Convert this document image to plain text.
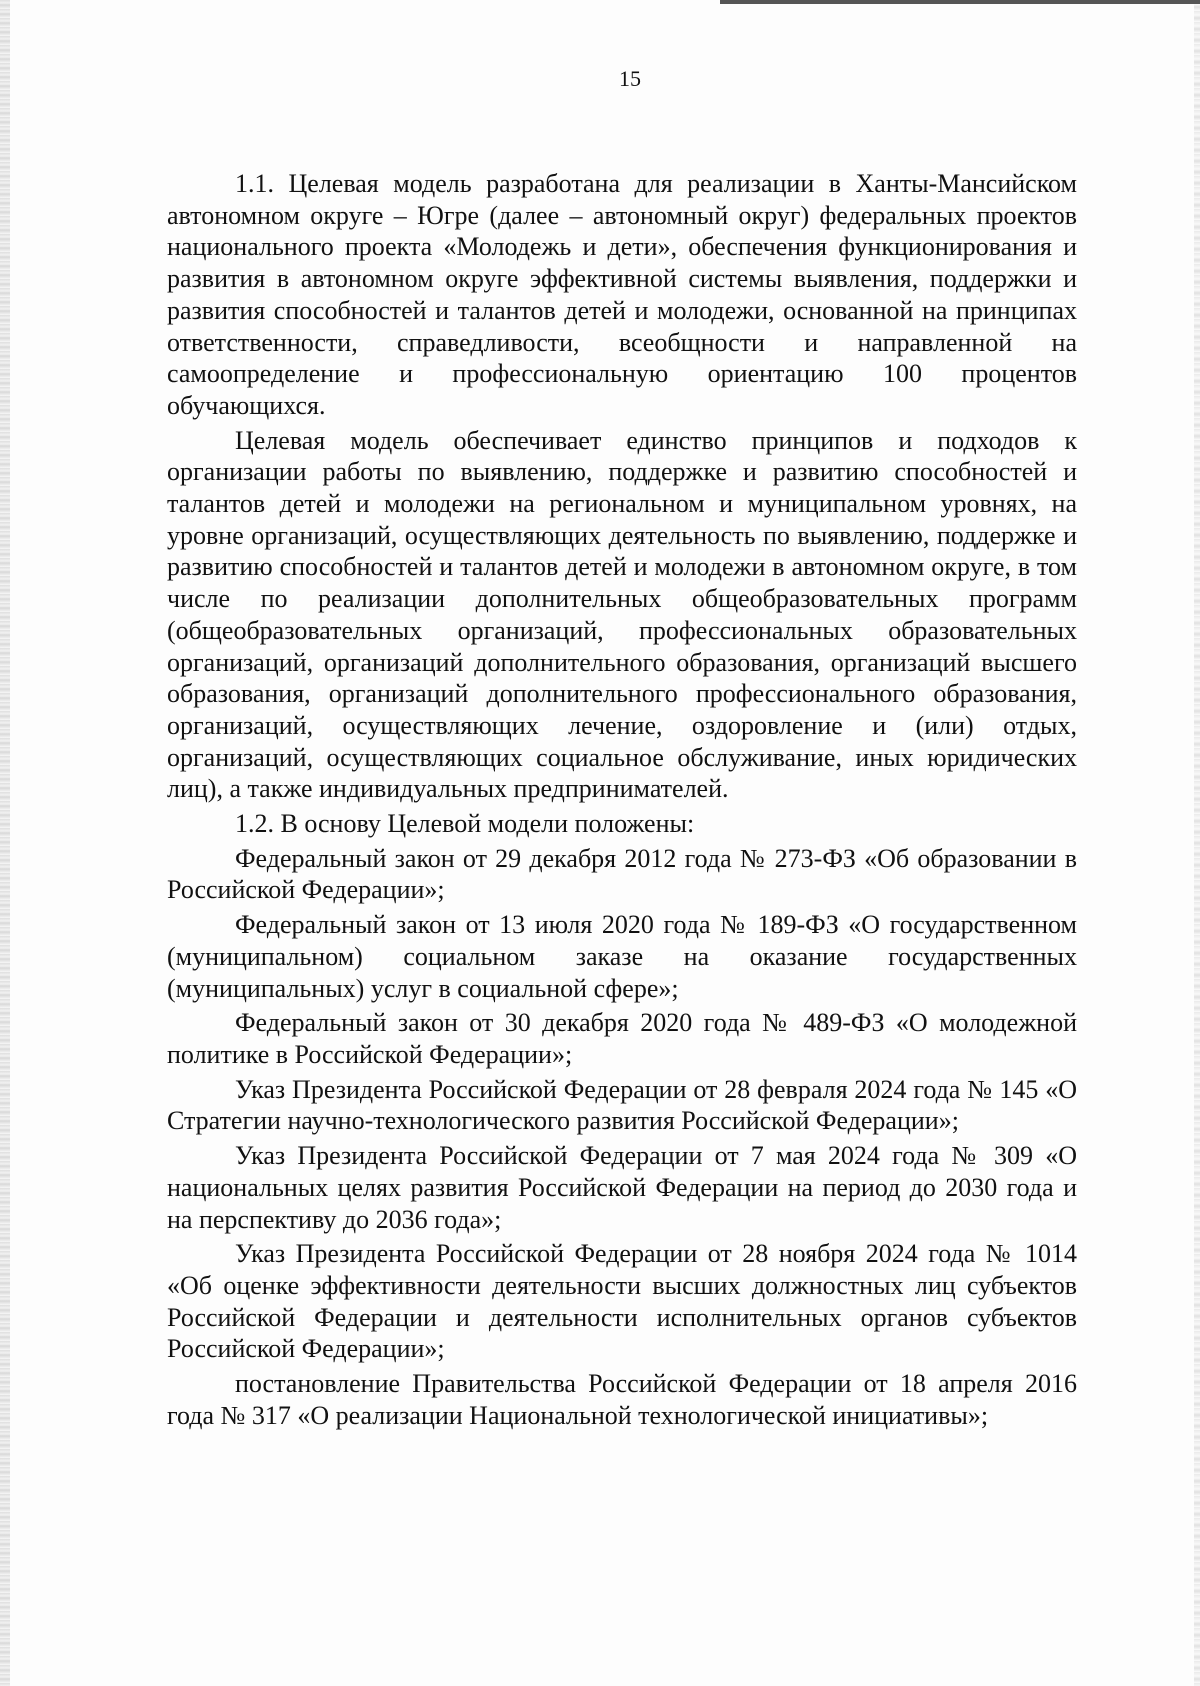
15

1.1. Целевая модель разработана для реализации в Ханты-Мансийском автономном округе – Югре (далее – автономный округ) федеральных проектов национального проекта «Молодежь и дети», обеспечения функционирования и развития в автономном округе эффективной системы выявления, поддержки и развития способностей и талантов детей и молодежи, основанной на принципах ответственности, справедливости, всеобщности и направленной на самоопределение и профессиональную ориентацию 100 процентов обучающихся.

Целевая модель обеспечивает единство принципов и подходов к организации работы по выявлению, поддержке и развитию способностей и талантов детей и молодежи на региональном и муниципальном уровнях, на уровне организаций, осуществляющих деятельность по выявлению, поддержке и развитию способностей и талантов детей и молодежи в автономном округе, в том числе по реализации дополнительных общеобразовательных программ (общеобразовательных организаций, профессиональных образовательных организаций, организаций дополнительного образования, организаций высшего образования, организаций дополнительного профессионального образования, организаций, осуществляющих лечение, оздоровление и (или) отдых, организаций, осуществляющих социальное обслуживание, иных юридических лиц), а также индивидуальных предпринимателей.

1.2. В основу Целевой модели положены:

Федеральный закон от 29 декабря 2012 года № 273-ФЗ «Об образовании в Российской Федерации»;

Федеральный закон от 13 июля 2020 года № 189-ФЗ «О государственном (муниципальном) социальном заказе на оказание государственных (муниципальных) услуг в социальной сфере»;

Федеральный закон от 30 декабря 2020 года № 489-ФЗ «О молодежной политике в Российской Федерации»;

Указ Президента Российской Федерации от 28 февраля 2024 года № 145 «О Стратегии научно-технологического развития Российской Федерации»;

Указ Президента Российской Федерации от 7 мая 2024 года № 309 «О национальных целях развития Российской Федерации на период до 2030 года и на перспективу до 2036 года»;

Указ Президента Российской Федерации от 28 ноября 2024 года № 1014 «Об оценке эффективности деятельности высших должностных лиц субъектов Российской Федерации и деятельности исполнительных органов субъектов Российской Федерации»;

постановление Правительства Российской Федерации от 18 апреля 2016 года № 317 «О реализации Национальной технологической инициативы»;
